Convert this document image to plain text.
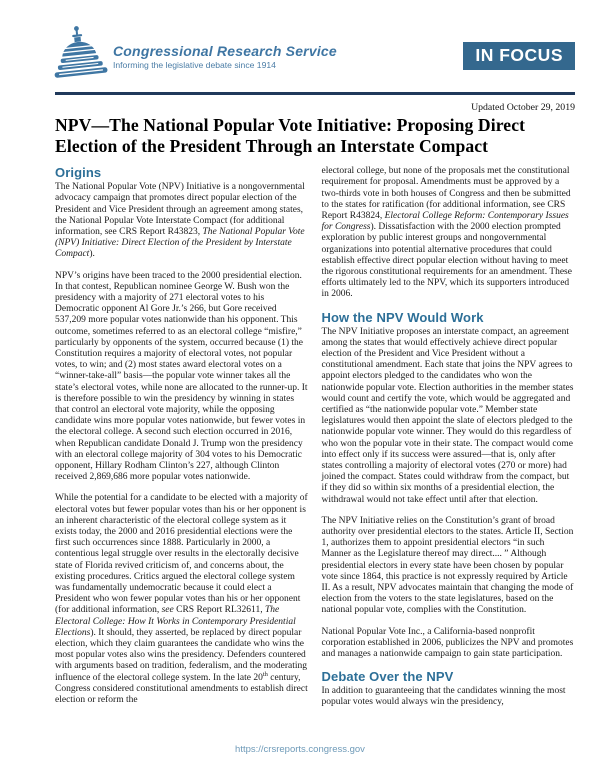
Congressional Research Service
Informing the legislative debate since 1914	IN FOCUS
Updated October 29, 2019
NPV—The National Popular Vote Initiative: Proposing Direct Election of the President Through an Interstate Compact
Origins

The National Popular Vote (NPV) Initiative is a nongovernmental advocacy campaign that promotes direct popular election of the President and Vice President through an agreement among states, the National Popular Vote Interstate Compact (for additional information, see CRS Report R43823, The National Popular Vote (NPV) Initiative: Direct Election of the President by Interstate Compact).

NPV’s origins have been traced to the 2000 presidential election. In that contest, Republican nominee George W. Bush won the presidency with a majority of 271 electoral votes to his Democratic opponent Al Gore Jr.’s 266, but Gore received 537,209 more popular votes nationwide than his opponent. This outcome, sometimes referred to as an electoral college “misfire,” particularly by opponents of the system, occurred because (1) the Constitution requires a majority of electoral votes, not popular votes, to win; and (2) most states award electoral votes on a “winner-take-all” basis—the popular vote winner takes all the state’s electoral votes, while none are allocated to the runner-up. It is therefore possible to win the presidency by winning in states that control an electoral vote majority, while the opposing candidate wins more popular votes nationwide, but fewer votes in the electoral college. A second such election occurred in 2016, when Republican candidate Donald J. Trump won the presidency with an electoral college majority of 304 votes to his Democratic opponent, Hillary Rodham Clinton’s 227, although Clinton received 2,869,686 more popular votes nationwide.

While the potential for a candidate to be elected with a majority of electoral votes but fewer popular votes than his or her opponent is an inherent characteristic of the electoral college system as it exists today, the 2000 and 2016 presidential elections were the first such occurrences since 1888. Particularly in 2000, a contentious legal struggle over results in the electorally decisive state of Florida revived criticism of, and concerns about, the existing procedures. Critics argued the electoral college system was fundamentally undemocratic because it could elect a President who won fewer popular votes than his or her opponent (for additional information, see CRS Report RL32611, The Electoral College: How It Works in Contemporary Presidential Elections). It should, they asserted, be replaced by direct popular election, which they claim guarantees the candidate who wins the most popular votes also wins the presidency. Defenders countered with arguments based on tradition, federalism, and the moderating influence of the electoral college system. In the late 20th century, Congress considered constitutional amendments to establish direct election or reform the

electoral college, but none of the proposals met the constitutional requirement for proposal. Amendments must be approved by a two-thirds vote in both houses of Congress and then be submitted to the states for ratification (for additional information, see CRS Report R43824, Electoral College Reform: Contemporary Issues for Congress). Dissatisfaction with the 2000 election prompted exploration by public interest groups and nongovernmental organizations into potential alternative procedures that could establish effective direct popular election without having to meet the rigorous constitutional requirements for an amendment. These efforts ultimately led to the NPV, which its supporters introduced in 2006.

How the NPV Would Work

The NPV Initiative proposes an interstate compact, an agreement among the states that would effectively achieve direct popular election of the President and Vice President without a constitutional amendment. Each state that joins the NPV agrees to appoint electors pledged to the candidates who won the nationwide popular vote. Election authorities in the member states would count and certify the vote, which would be aggregated and certified as “the nationwide popular vote.” Member state legislatures would then appoint the slate of electors pledged to the nationwide popular vote winner. They would do this regardless of who won the popular vote in their state. The compact would come into effect only if its success were assured—that is, only after states controlling a majority of electoral votes (270 or more) had joined the compact. States could withdraw from the compact, but if they did so within six months of a presidential election, the withdrawal would not take effect until after that election.

The NPV Initiative relies on the Constitution’s grant of broad authority over presidential electors to the states. Article II, Section 1, authorizes them to appoint presidential electors “in such Manner as the Legislature thereof may direct.... ” Although presidential electors in every state have been chosen by popular vote since 1864, this practice is not expressly required by Article II. As a result, NPV advocates maintain that changing the mode of election from the voters to the state legislatures, based on the national popular vote, complies with the Constitution.

National Popular Vote Inc., a California-based nonprofit corporation established in 2006, publicizes the NPV and promotes and manages a nationwide campaign to gain state participation.

Debate Over the NPV

In addition to guaranteeing that the candidates winning the most popular votes would always win the presidency,

https://crsreports.congress.gov
